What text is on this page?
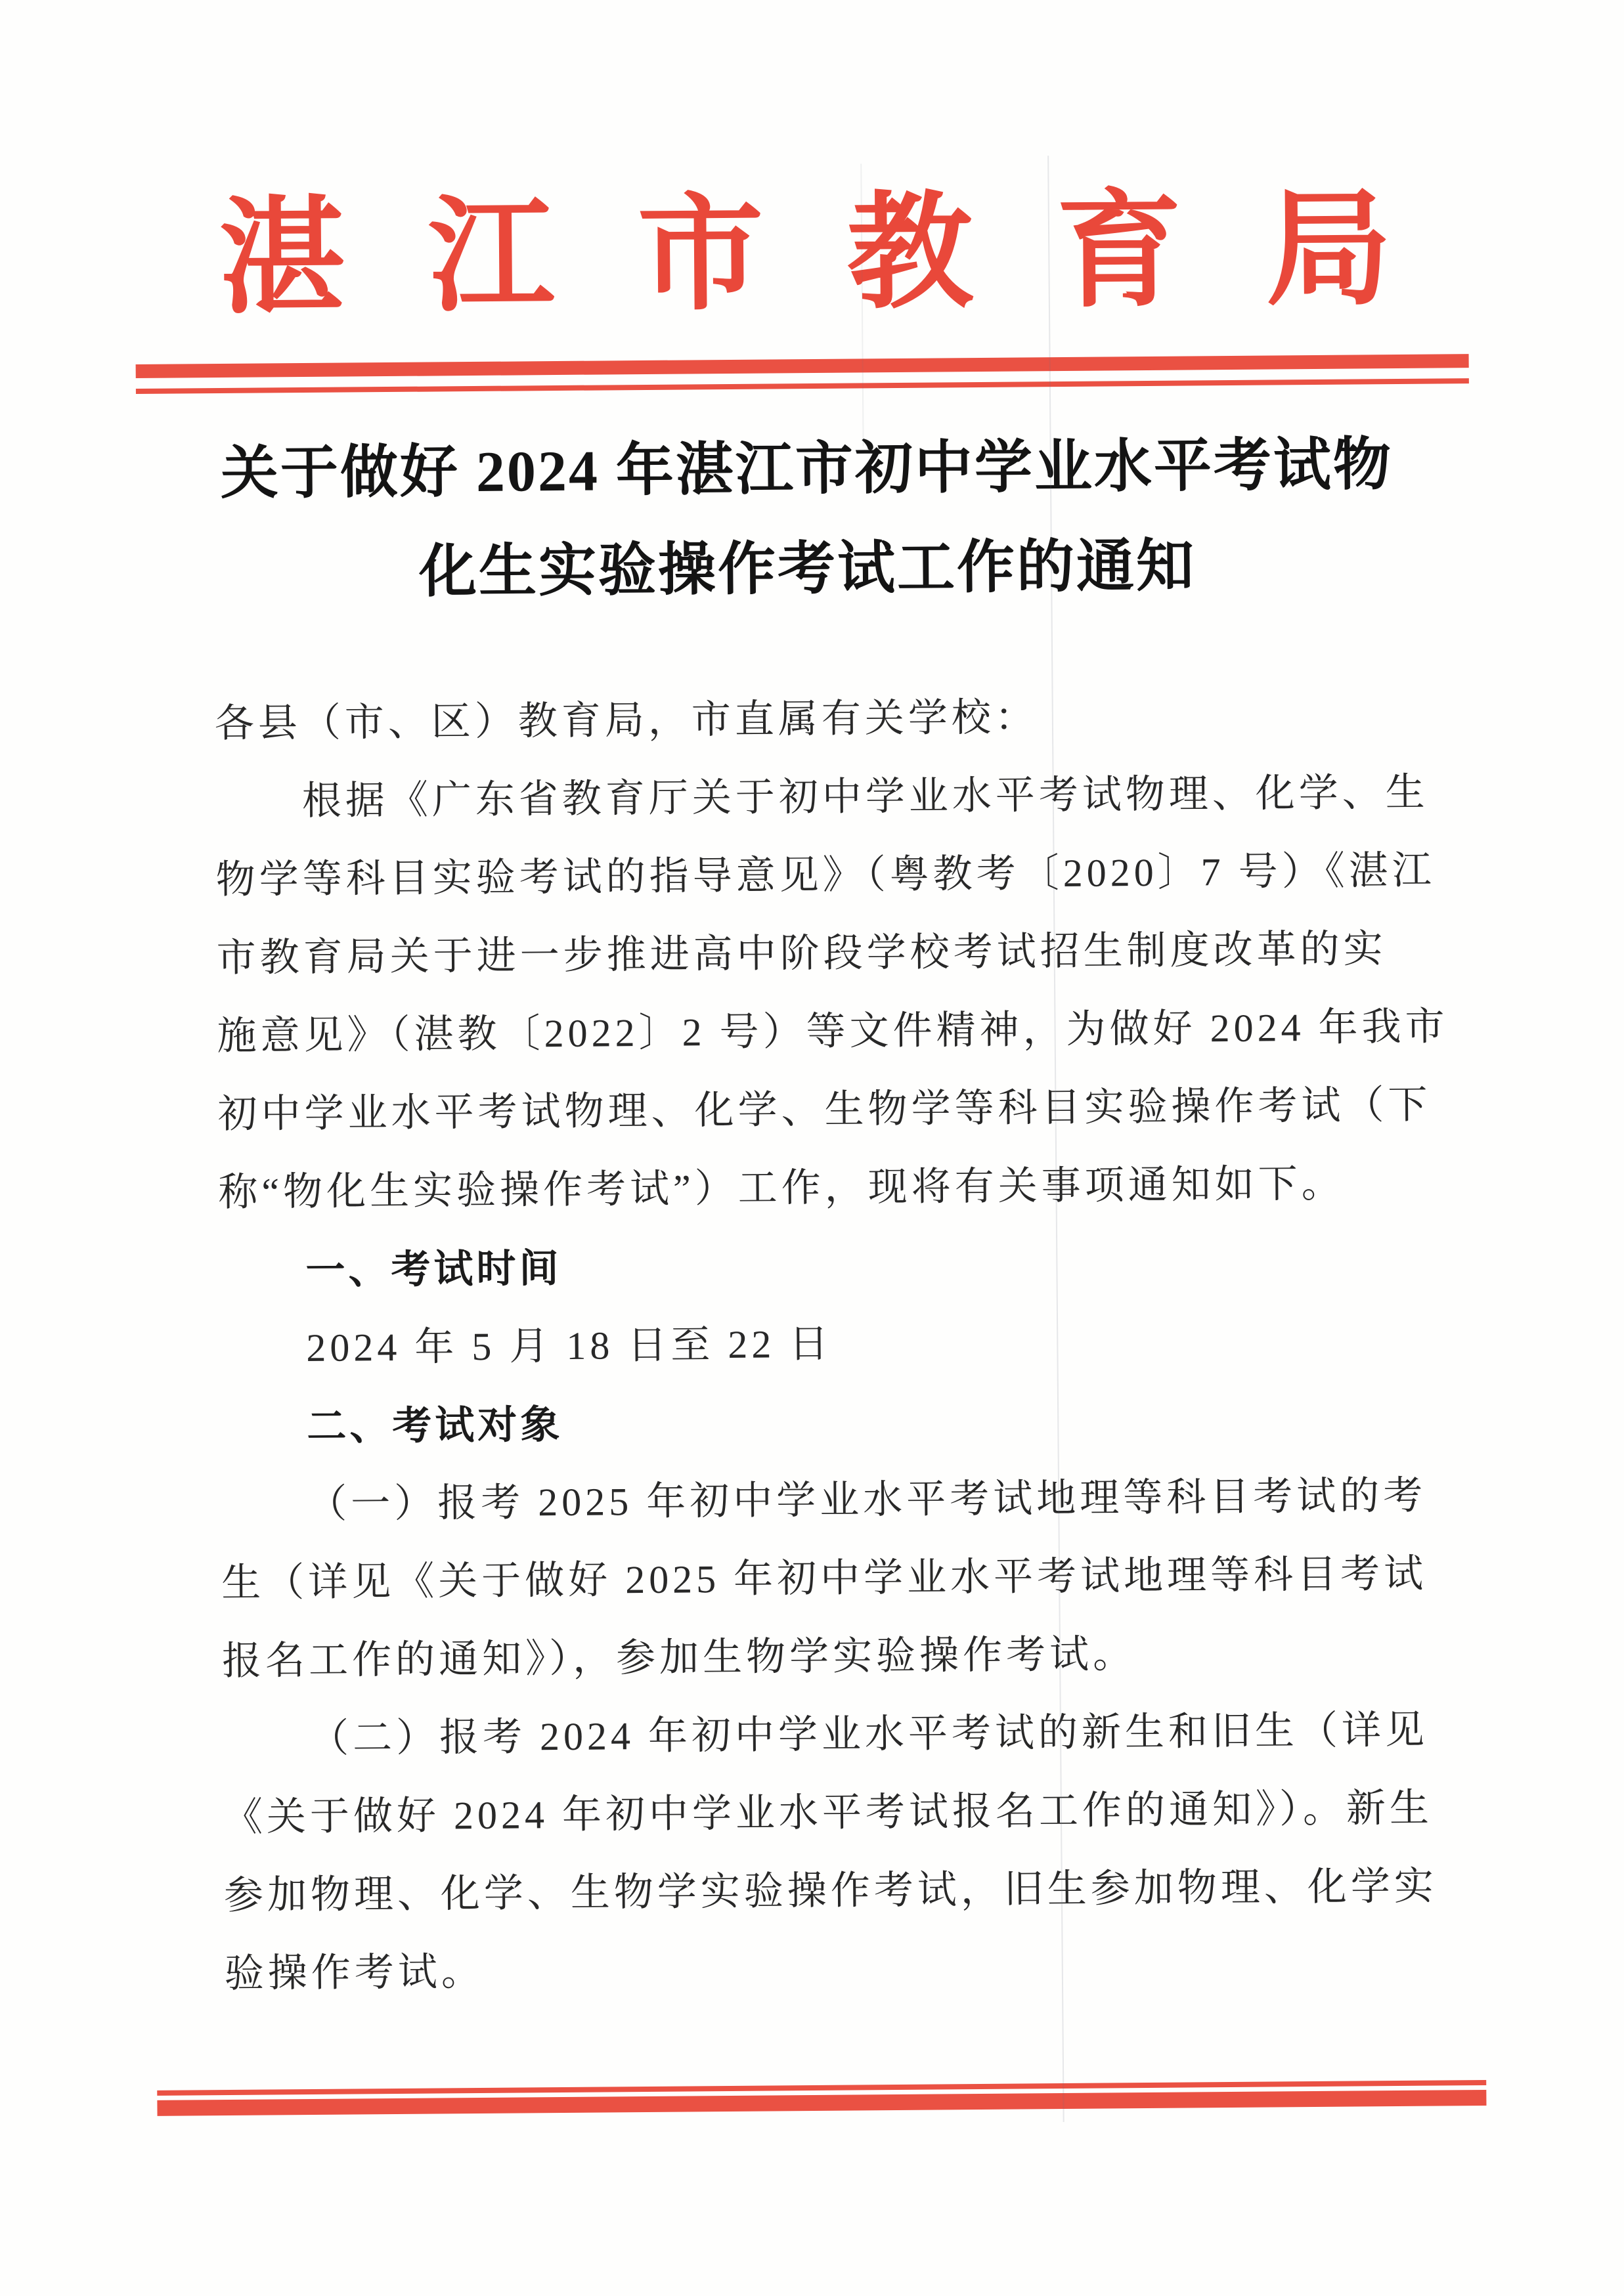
湛 江 市 教 育 局
关于做好 2024 年湛江市初中学业水平考试物
化生实验操作考试工作的通知
各县（市、区）教育局，市直属有关学校：
根据《广东省教育厅关于初中学业水平考试物理、化学、生
物学等科目实验考试的指导意见》（粤教考〔2020〕7 号）《湛江
市教育局关于进一步推进高中阶段学校考试招生制度改革的实
施意见》（湛教〔2022〕2 号）等文件精神，为做好 2024 年我市
初中学业水平考试物理、化学、生物学等科目实验操作考试（下
称“物化生实验操作考试”）工作，现将有关事项通知如下。
一、考试时间
2024 年 5 月 18 日至 22 日
二、考试对象
（一）报考 2025 年初中学业水平考试地理等科目考试的考
生（详见《关于做好 2025 年初中学业水平考试地理等科目考试
报名工作的通知》），参加生物学实验操作考试。
（二）报考 2024 年初中学业水平考试的新生和旧生（详见
《关于做好 2024 年初中学业水平考试报名工作的通知》）。新生
参加物理、化学、生物学实验操作考试，旧生参加物理、化学实
验操作考试。
